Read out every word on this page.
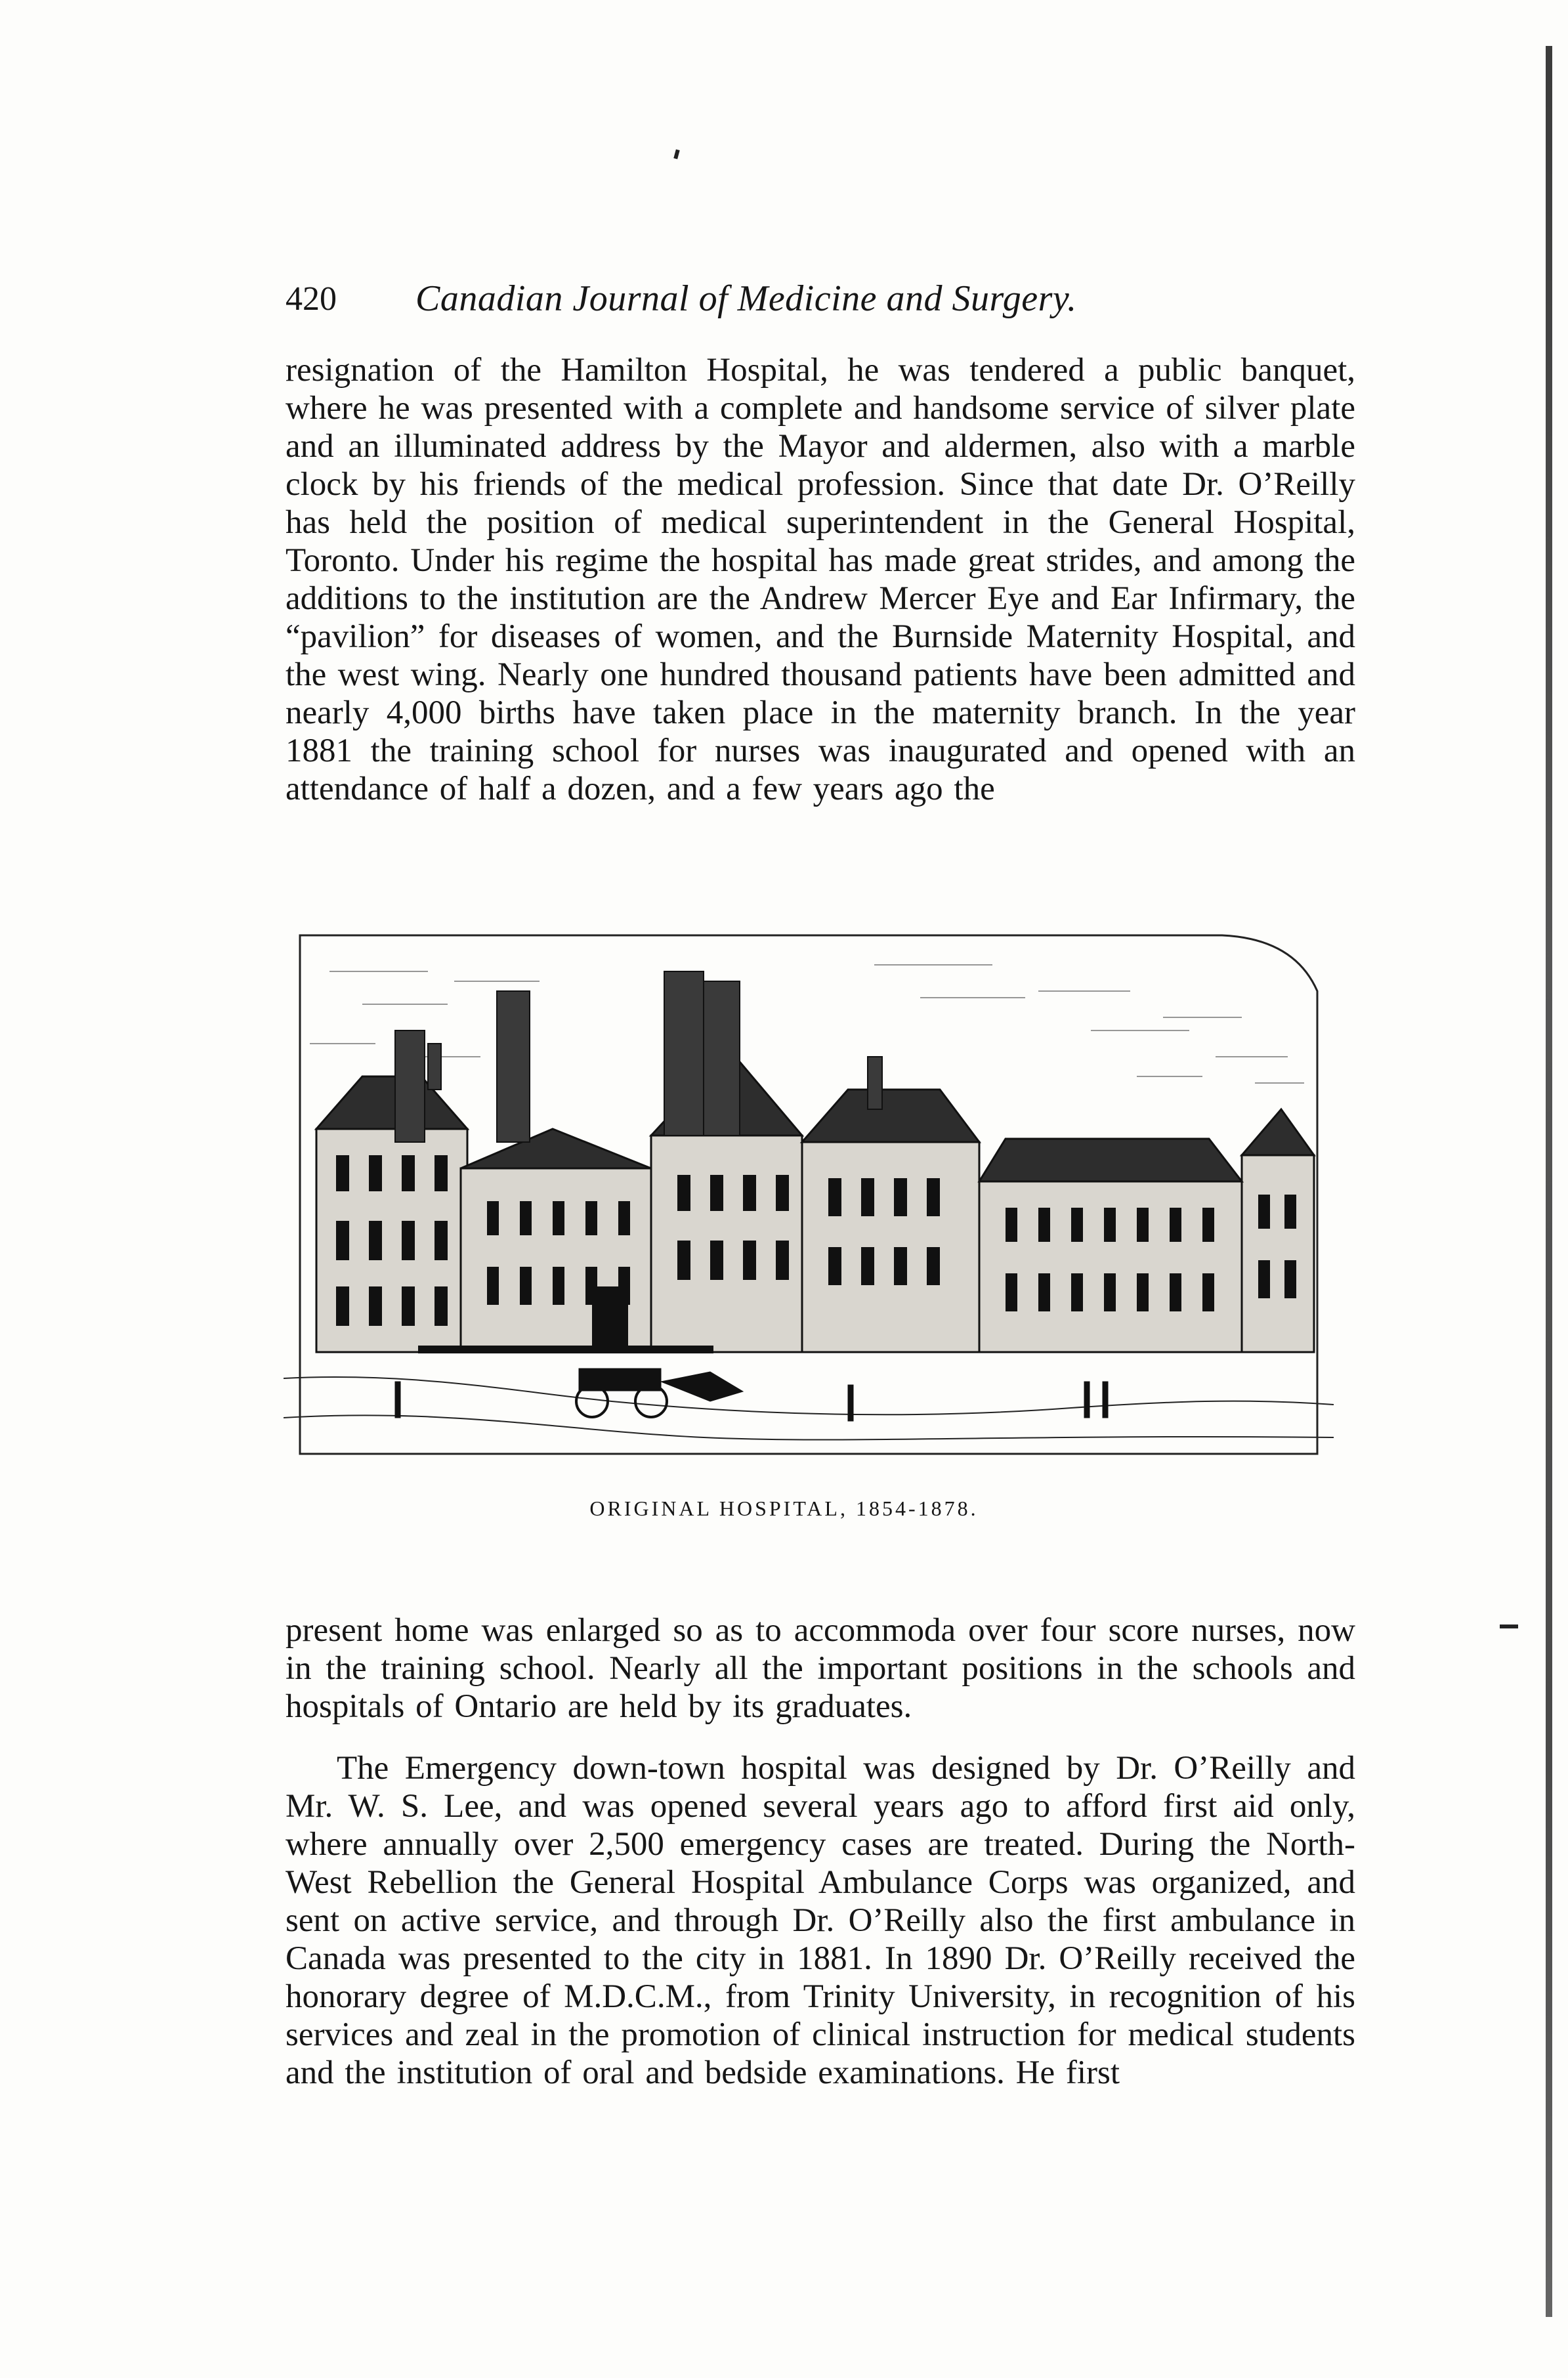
420 Canadian Journal of Medicine and Surgery.

resignation of the Hamilton Hospital, he was tendered a public banquet, where he was presented with a complete and handsome service of silver plate and an illuminated address by the Mayor and aldermen, also with a marble clock by his friends of the medical profession. Since that date Dr. O’Reilly has held the position of medical superintendent in the General Hospital, Toronto. Under his regime the hospital has made great strides, and among the additions to the institution are the Andrew Mercer Eye and Ear Infirmary, the “pavilion” for diseases of women, and the Burnside Maternity Hospital, and the west wing. Nearly one hundred thousand patients have been admitted and nearly 4,000 births have taken place in the maternity branch. In the year 1881 the training school for nurses was inaugurated and opened with an attendance of half a dozen, and a few years ago the

ORIGINAL HOSPITAL, 1854-1878.

present home was enlarged so as to accommoda over four score nurses, now in the training school. Nearly all the important positions in the schools and hospitals of Ontario are held by its graduates.

The Emergency down-town hospital was designed by Dr. O’Reilly and Mr. W. S. Lee, and was opened several years ago to afford first aid only, where annually over 2,500 emergency cases are treated. During the North-West Rebellion the General Hospital Ambulance Corps was organized, and sent on active service, and through Dr. O’Reilly also the first ambulance in Canada was presented to the city in 1881. In 1890 Dr. O’Reilly received the honorary degree of M.D.C.M., from Trinity University, in recognition of his services and zeal in the promotion of clinical instruction for medical students and the institution of oral and bedside examinations. He first
